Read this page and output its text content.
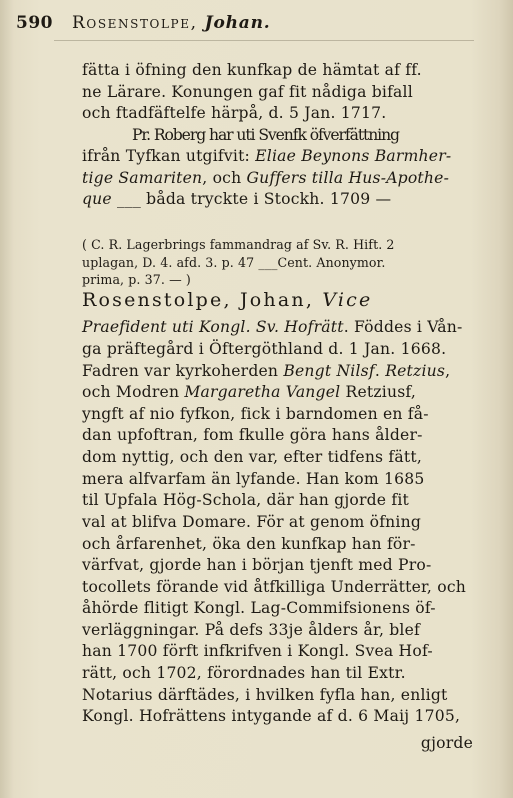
590 Rosenstolpe, Johan.
fätta i öfning den kunfkap de hämtat af ff.
ne Lärare. Konungen gaf fit nådiga bifall
och ftadfäftelfe härpå, d. 5 Jan. 1717.
Pr. Roberg har uti Svenfk öfverfättning
ifrån Tyfkan utgifvit: Eliae Beynons Barmher-
tige Samariten, och Guffers tilla Hus-Apothe-
que ___ båda tryckte i Stockh. 1709 —
( C. R. Lagerbrings fammandrag af Sv. R. Hift. 2
uplagan, D. 4. afd. 3. p. 47 ___Cent. Anonymor.
prima, p. 37. — )
Rosenstolpe, Johan, Vice
Praefident uti Kongl. Sv. Hofrätt. Föddes i Vån-
ga präftegård i Öftergöthland d. 1 Jan. 1668.
Fadren var kyrkoherden Bengt Nilsf. Retzius,
och Modren Margaretha Vangel Retziusf,
yngft af nio fyfkon, fick i barndomen en få-
dan upfoftran, fom fkulle göra hans ålder-
dom nyttig, och den var, efter tidfens fätt,
mera alfvarfam än lyfande. Han kom 1685
til Upfala Hög-Schola, där han gjorde fit
val at blifva Domare. För at genom öfning
och årfarenhet, öka den kunfkap han för-
värfvat, gjorde han i början tjenft med Pro-
tocollets förande vid åtfkilliga Underrätter, och
åhörde flitigt Kongl. Lag-Commifsionens öf-
verläggningar. På defs 33je ålders år, blef
han 1700 förft infkrifven i Kongl. Svea Hof-
rätt, och 1702, förordnades han til Extr.
Notarius därftädes, i hvilken fyfla han, enligt
Kongl. Hofrättens intygande af d. 6 Maij 1705,
gjorde
